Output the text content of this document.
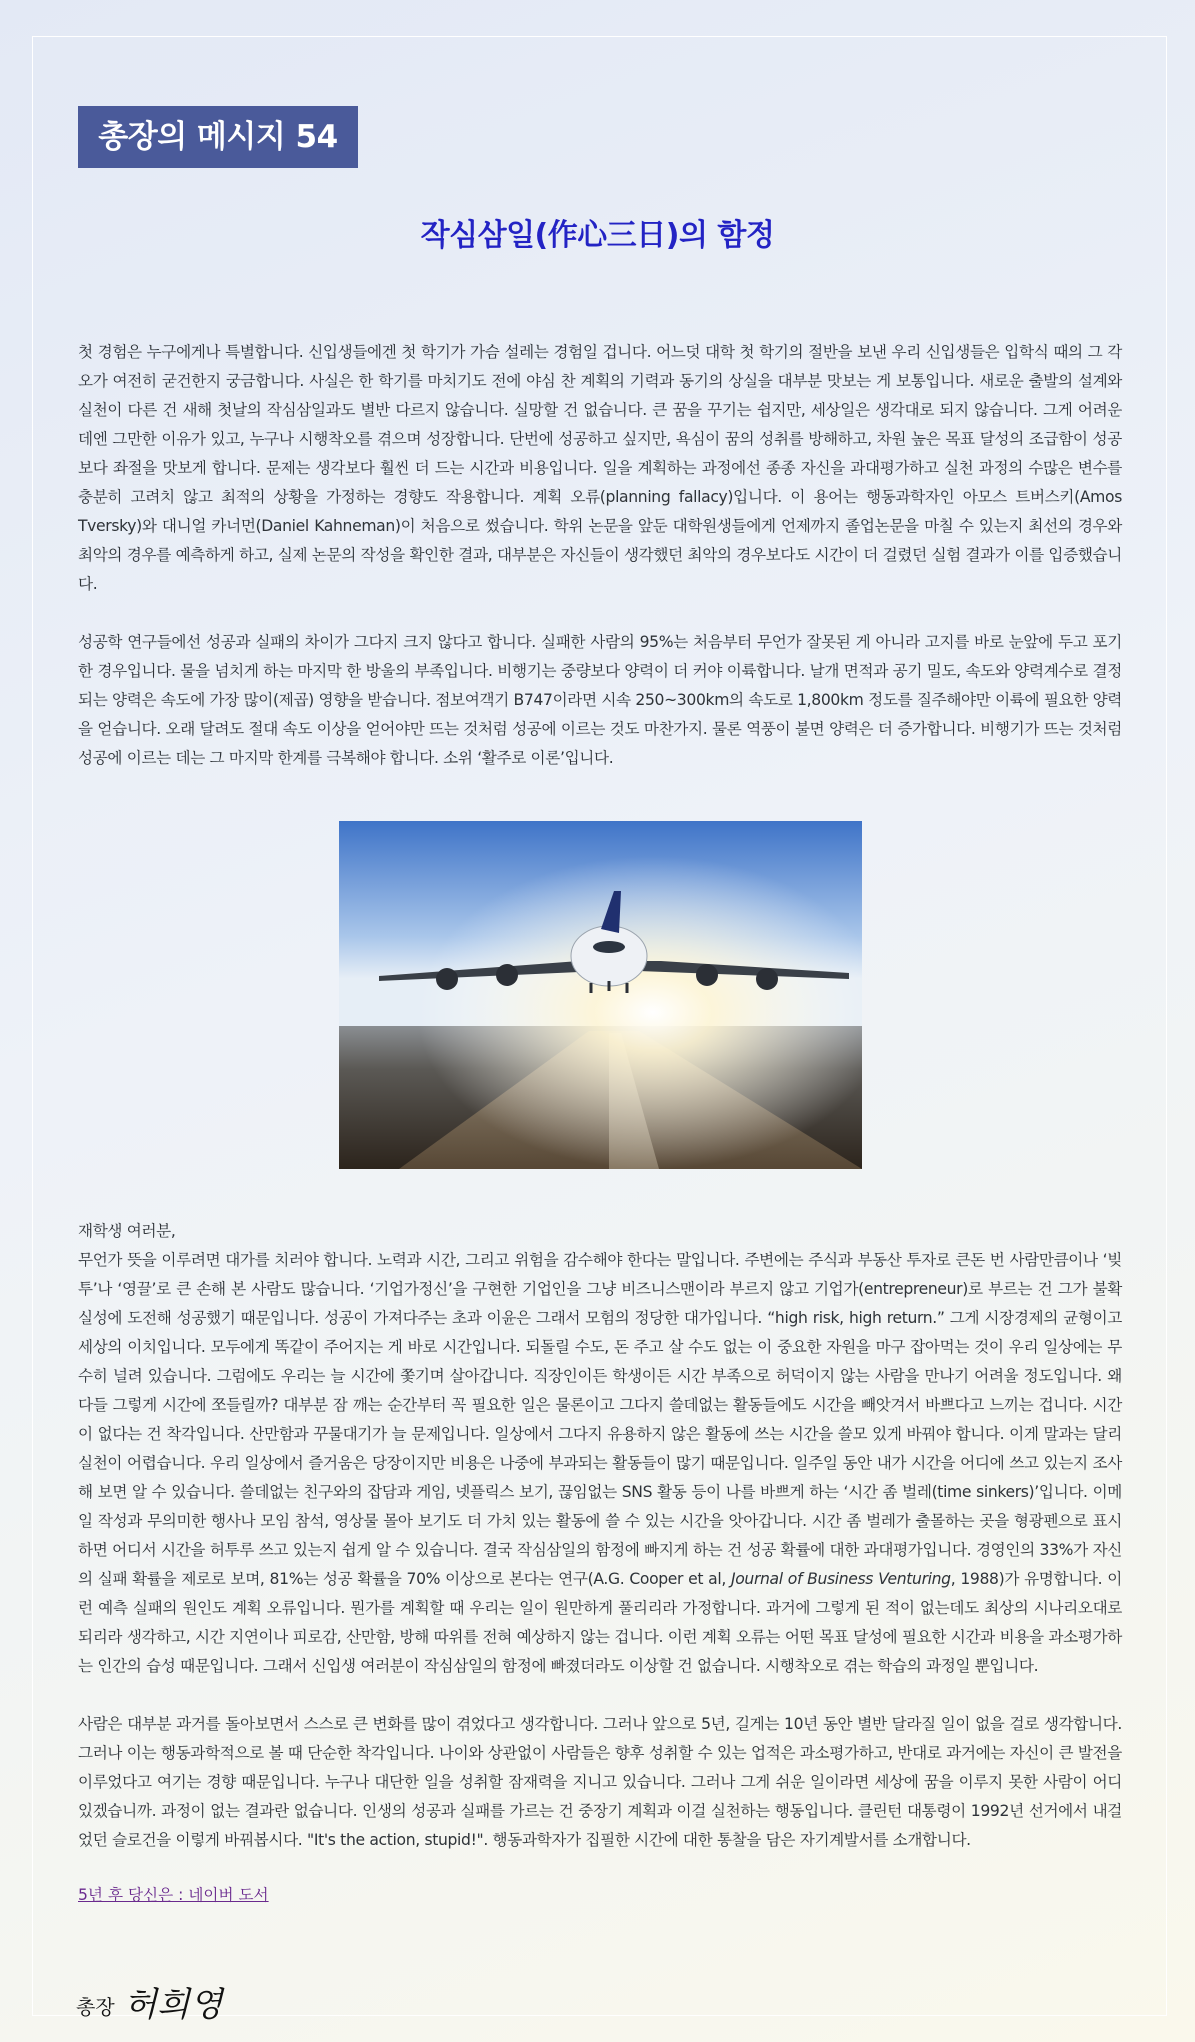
총장의 메시지 54
작심삼일(作心三日)의 함정

첫 경험은 누구에게나 특별합니다. 신입생들에겐 첫 학기가 가슴 설레는 경험일 겁니다. 어느덧 대학 첫 학기의 절반을 보낸 우리 신입생들은 입학식 때의 그 각오가 여전히 굳건한지 궁금합니다. 사실은 한 학기를 마치기도 전에 야심 찬 계획의 기력과 동기의 상실을 대부분 맛보는 게 보통입니다. 새로운 출발의 설계와 실천이 다른 건 새해 첫날의 작심삼일과도 별반 다르지 않습니다. 실망할 건 없습니다. 큰 꿈을 꾸기는 쉽지만, 세상일은 생각대로 되지 않습니다. 그게 어려운 데엔 그만한 이유가 있고, 누구나 시행착오를 겪으며 성장합니다. 단번에 성공하고 싶지만, 욕심이 꿈의 성취를 방해하고, 차원 높은 목표 달성의 조급함이 성공보다 좌절을 맛보게 합니다. 문제는 생각보다 훨씬 더 드는 시간과 비용입니다. 일을 계획하는 과정에선 종종 자신을 과대평가하고 실천 과정의 수많은 변수를 충분히 고려치 않고 최적의 상황을 가정하는 경향도 작용합니다. 계획 오류(planning fallacy)입니다. 이 용어는 행동과학자인 아모스 트버스키(Amos Tversky)와 대니얼 카너먼(Daniel Kahneman)이 처음으로 썼습니다. 학위 논문을 앞둔 대학원생들에게 언제까지 졸업논문을 마칠 수 있는지 최선의 경우와 최악의 경우를 예측하게 하고, 실제 논문의 작성을 확인한 결과, 대부분은 자신들이 생각했던 최악의 경우보다도 시간이 더 걸렸던 실험 결과가 이를 입증했습니다.

성공학 연구들에선 성공과 실패의 차이가 그다지 크지 않다고 합니다. 실패한 사람의 95%는 처음부터 무언가 잘못된 게 아니라 고지를 바로 눈앞에 두고 포기한 경우입니다. 물을 넘치게 하는 마지막 한 방울의 부족입니다. 비행기는 중량보다 양력이 더 커야 이륙합니다. 날개 면적과 공기 밀도, 속도와 양력계수로 결정되는 양력은 속도에 가장 많이(제곱) 영향을 받습니다. 점보여객기 B747이라면 시속 250~300km의 속도로 1,800km 정도를 질주해야만 이륙에 필요한 양력을 얻습니다. 오래 달려도 절대 속도 이상을 얻어야만 뜨는 것처럼 성공에 이르는 것도 마찬가지. 물론 역풍이 불면 양력은 더 증가합니다. 비행기가 뜨는 것처럼 성공에 이르는 데는 그 마지막 한계를 극복해야 합니다. 소위 ‘활주로 이론’입니다.

재학생 여러분,

무언가 뜻을 이루려면 대가를 치러야 합니다. 노력과 시간, 그리고 위험을 감수해야 한다는 말입니다. 주변에는 주식과 부동산 투자로 큰돈 번 사람만큼이나 ‘빚투’나 ‘영끌’로 큰 손해 본 사람도 많습니다. ‘기업가정신’을 구현한 기업인을 그냥 비즈니스맨이라 부르지 않고 기업가(entrepreneur)로 부르는 건 그가 불확실성에 도전해 성공했기 때문입니다. 성공이 가져다주는 초과 이윤은 그래서 모험의 정당한 대가입니다. “high risk, high return.” 그게 시장경제의 균형이고 세상의 이치입니다. 모두에게 똑같이 주어지는 게 바로 시간입니다. 되돌릴 수도, 돈 주고 살 수도 없는 이 중요한 자원을 마구 잡아먹는 것이 우리 일상에는 무수히 널려 있습니다. 그럼에도 우리는 늘 시간에 쫓기며 살아갑니다. 직장인이든 학생이든 시간 부족으로 허덕이지 않는 사람을 만나기 어려울 정도입니다. 왜 다들 그렇게 시간에 쪼들릴까? 대부분 잠 깨는 순간부터 꼭 필요한 일은 물론이고 그다지 쓸데없는 활동들에도 시간을 빼앗겨서 바쁘다고 느끼는 겁니다. 시간이 없다는 건 착각입니다. 산만함과 꾸물대기가 늘 문제입니다. 일상에서 그다지 유용하지 않은 활동에 쓰는 시간을 쓸모 있게 바꿔야 합니다. 이게 말과는 달리 실천이 어렵습니다. 우리 일상에서 즐거움은 당장이지만 비용은 나중에 부과되는 활동들이 많기 때문입니다. 일주일 동안 내가 시간을 어디에 쓰고 있는지 조사해 보면 알 수 있습니다. 쓸데없는 친구와의 잡담과 게임, 넷플릭스 보기, 끊임없는 SNS 활동 등이 나를 바쁘게 하는 ‘시간 좀 벌레(time sinkers)’입니다. 이메일 작성과 무의미한 행사나 모임 참석, 영상물 몰아 보기도 더 가치 있는 활동에 쓸 수 있는 시간을 앗아갑니다. 시간 좀 벌레가 출몰하는 곳을 형광펜으로 표시하면 어디서 시간을 허투루 쓰고 있는지 쉽게 알 수 있습니다. 결국 작심삼일의 함정에 빠지게 하는 건 성공 확률에 대한 과대평가입니다. 경영인의 33%가 자신의 실패 확률을 제로로 보며, 81%는 성공 확률을 70% 이상으로 본다는 연구(A.G. Cooper et al, Journal of Business Venturing, 1988)가 유명합니다. 이런 예측 실패의 원인도 계획 오류입니다. 뭔가를 계획할 때 우리는 일이 원만하게 풀리리라 가정합니다. 과거에 그렇게 된 적이 없는데도 최상의 시나리오대로 되리라 생각하고, 시간 지연이나 피로감, 산만함, 방해 따위를 전혀 예상하지 않는 겁니다. 이런 계획 오류는 어떤 목표 달성에 필요한 시간과 비용을 과소평가하는 인간의 습성 때문입니다. 그래서 신입생 여러분이 작심삼일의 함정에 빠졌더라도 이상할 건 없습니다. 시행착오로 겪는 학습의 과정일 뿐입니다.

사람은 대부분 과거를 돌아보면서 스스로 큰 변화를 많이 겪었다고 생각합니다. 그러나 앞으로 5년, 길게는 10년 동안 별반 달라질 일이 없을 걸로 생각합니다. 그러나 이는 행동과학적으로 볼 때 단순한 착각입니다. 나이와 상관없이 사람들은 향후 성취할 수 있는 업적은 과소평가하고, 반대로 과거에는 자신이 큰 발전을 이루었다고 여기는 경향 때문입니다. 누구나 대단한 일을 성취할 잠재력을 지니고 있습니다. 그러나 그게 쉬운 일이라면 세상에 꿈을 이루지 못한 사람이 어디 있겠습니까. 과정이 없는 결과란 없습니다. 인생의 성공과 실패를 가르는 건 중장기 계획과 이걸 실천하는 행동입니다. 클린턴 대통령이 1992년 선거에서 내걸었던 슬로건을 이렇게 바꿔봅시다. "It's the action, stupid!". 행동과학자가 집필한 시간에 대한 통찰을 담은 자기계발서를 소개합니다.

5년 후 당신은 : 네이버 도서
총장 허희영
